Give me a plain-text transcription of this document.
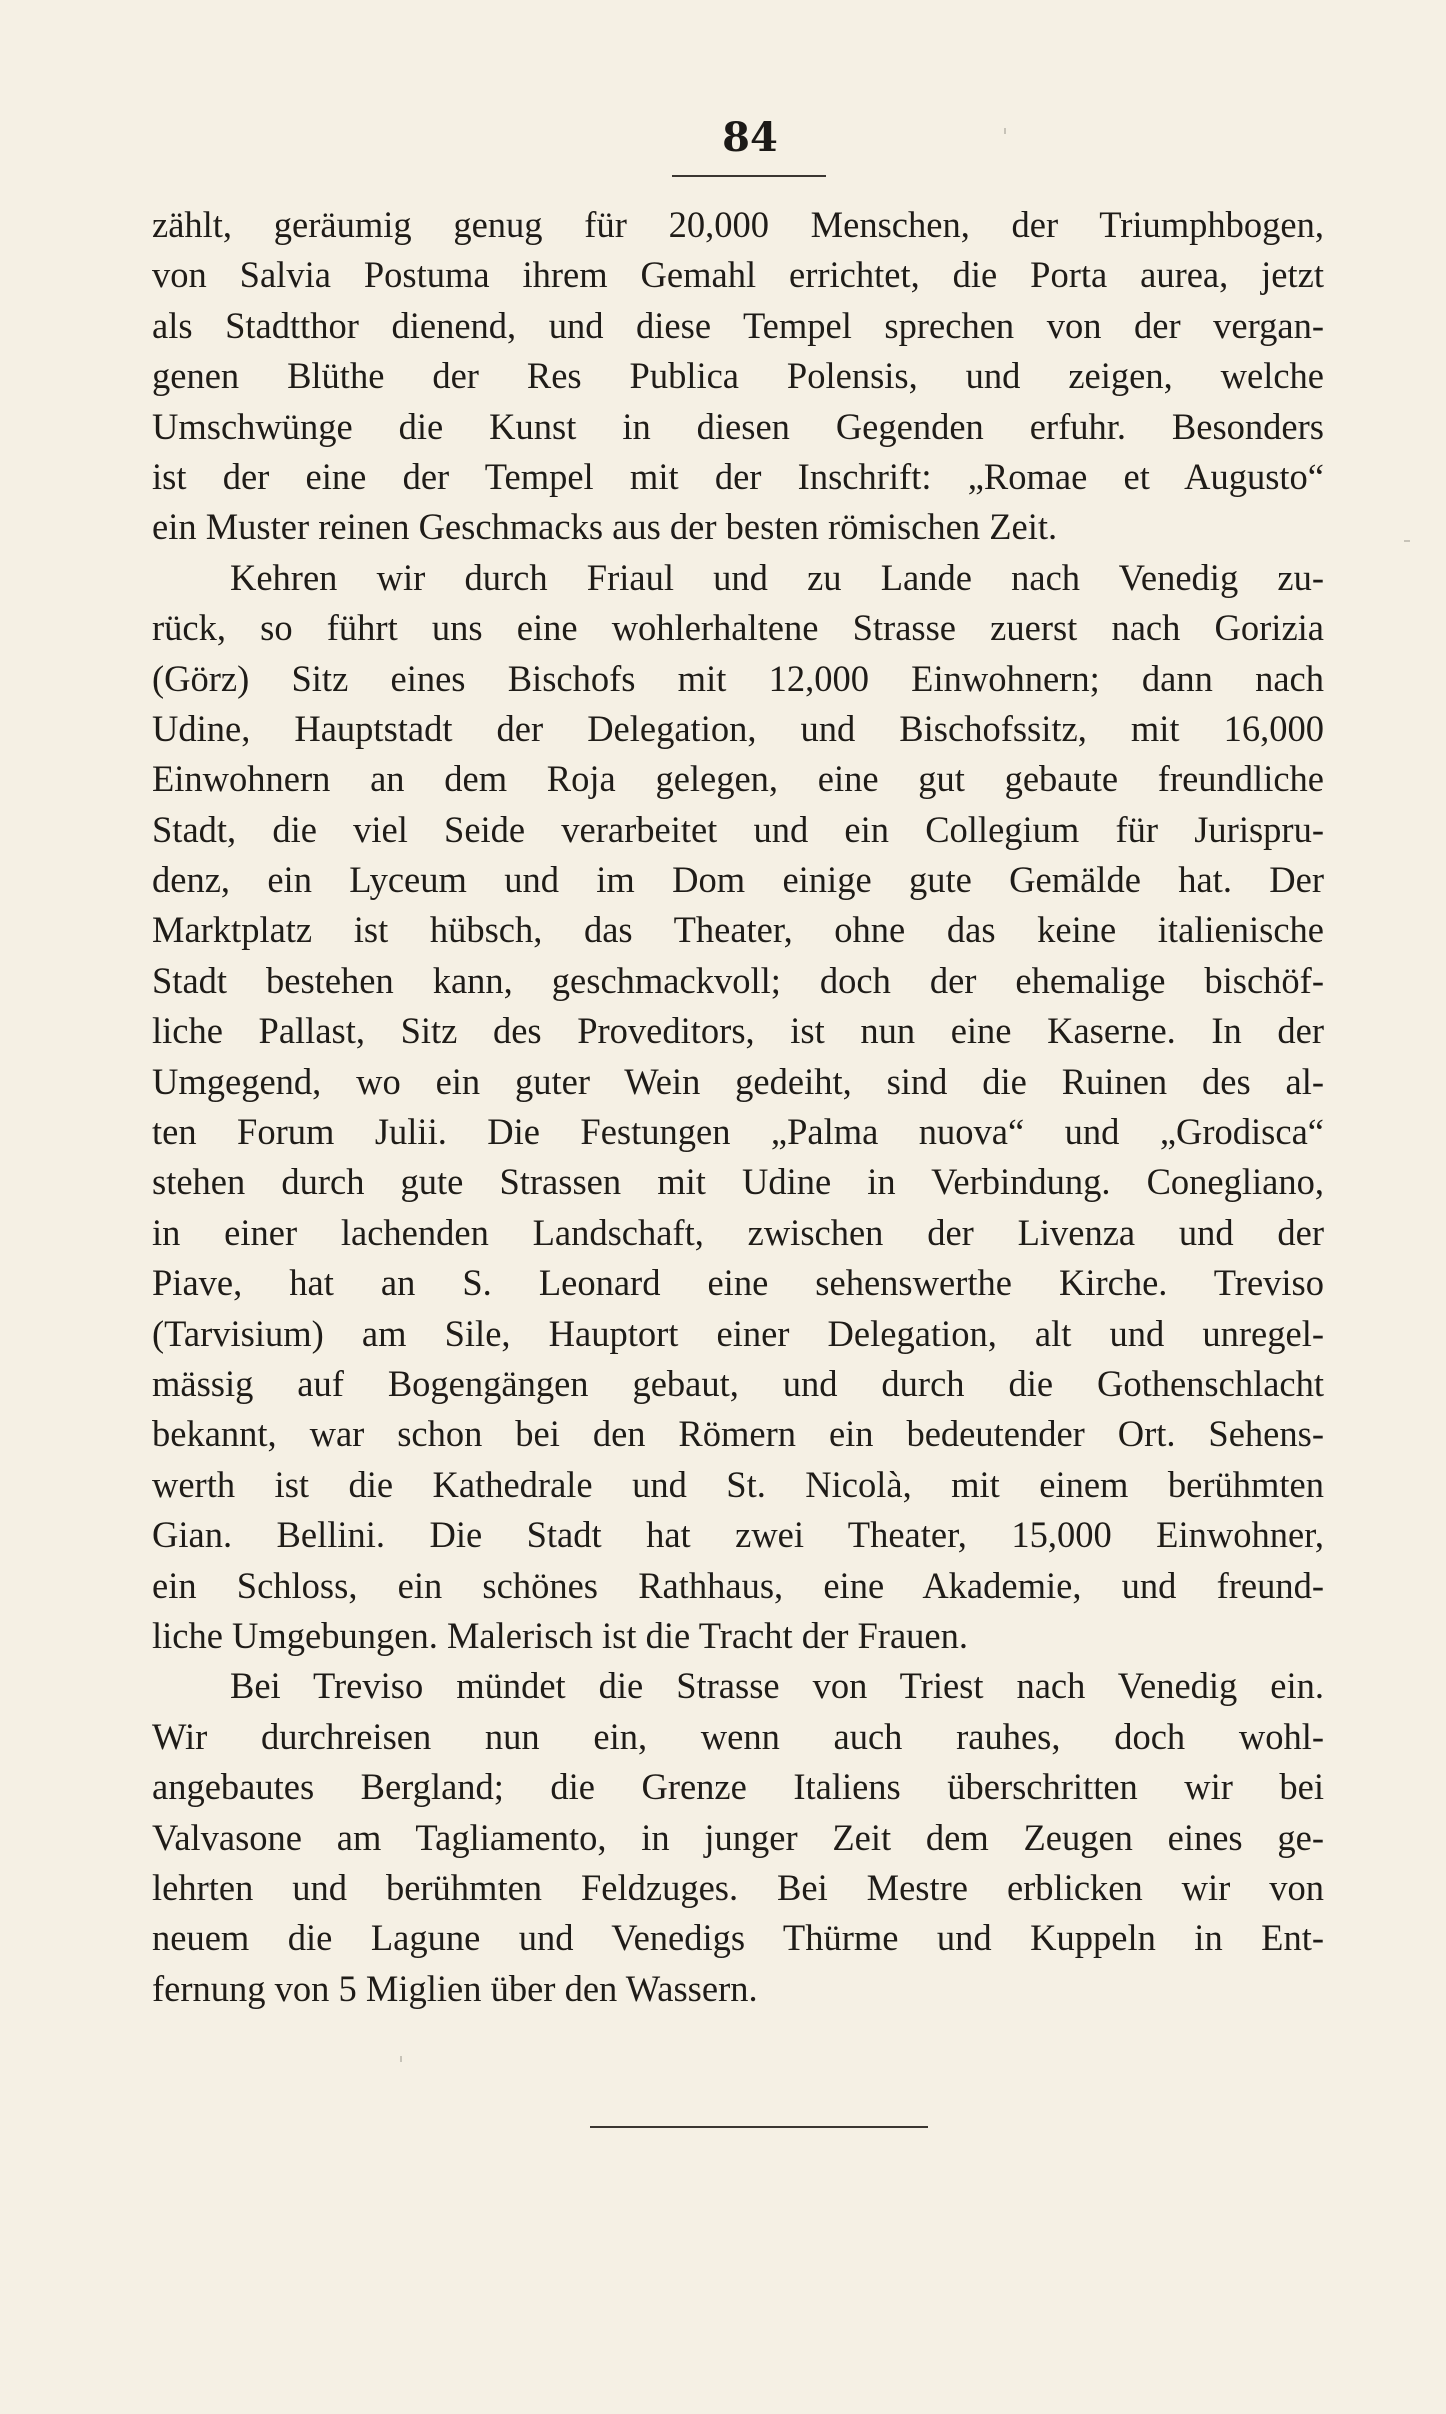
84
zählt, geräumig genug für 20,000 Menschen, der Triumphbogen,
von Salvia Postuma ihrem Gemahl errichtet, die Porta aurea, jetzt
als Stadtthor dienend, und diese Tempel sprechen von der vergan-
genen Blüthe der Res Publica Polensis, und zeigen, welche
Umschwünge die Kunst in diesen Gegenden erfuhr. Besonders
ist der eine der Tempel mit der Inschrift: „Romae et Augusto“
ein Muster reinen Geschmacks aus der besten römischen Zeit.
Kehren wir durch Friaul und zu Lande nach Venedig zu-
rück, so führt uns eine wohlerhaltene Strasse zuerst nach Gorizia
(Görz) Sitz eines Bischofs mit 12,000 Einwohnern; dann nach
Udine, Hauptstadt der Delegation, und Bischofssitz, mit 16,000
Einwohnern an dem Roja gelegen, eine gut gebaute freundliche
Stadt, die viel Seide verarbeitet und ein Collegium für Jurispru-
denz, ein Lyceum und im Dom einige gute Gemälde hat. Der
Marktplatz ist hübsch, das Theater, ohne das keine italienische
Stadt bestehen kann, geschmackvoll; doch der ehemalige bischöf-
liche Pallast, Sitz des Proveditors, ist nun eine Kaserne. In der
Umgegend, wo ein guter Wein gedeiht, sind die Ruinen des al-
ten Forum Julii. Die Festungen „Palma nuova“ und „Grodisca“
stehen durch gute Strassen mit Udine in Verbindung. Conegliano,
in einer lachenden Landschaft, zwischen der Livenza und der
Piave, hat an S. Leonard eine sehenswerthe Kirche. Treviso
(Tarvisium) am Sile, Hauptort einer Delegation, alt und unregel-
mässig auf Bogengängen gebaut, und durch die Gothenschlacht
bekannt, war schon bei den Römern ein bedeutender Ort. Sehens-
werth ist die Kathedrale und St. Nicolà, mit einem berühmten
Gian. Bellini. Die Stadt hat zwei Theater, 15,000 Einwohner,
ein Schloss, ein schönes Rathhaus, eine Akademie, und freund-
liche Umgebungen. Malerisch ist die Tracht der Frauen.
Bei Treviso mündet die Strasse von Triest nach Venedig ein.
Wir durchreisen nun ein, wenn auch rauhes, doch wohl-
angebautes Bergland; die Grenze Italiens überschritten wir bei
Valvasone am Tagliamento, in junger Zeit dem Zeugen eines ge-
lehrten und berühmten Feldzuges. Bei Mestre erblicken wir von
neuem die Lagune und Venedigs Thürme und Kuppeln in Ent-
fernung von 5 Miglien über den Wassern.
